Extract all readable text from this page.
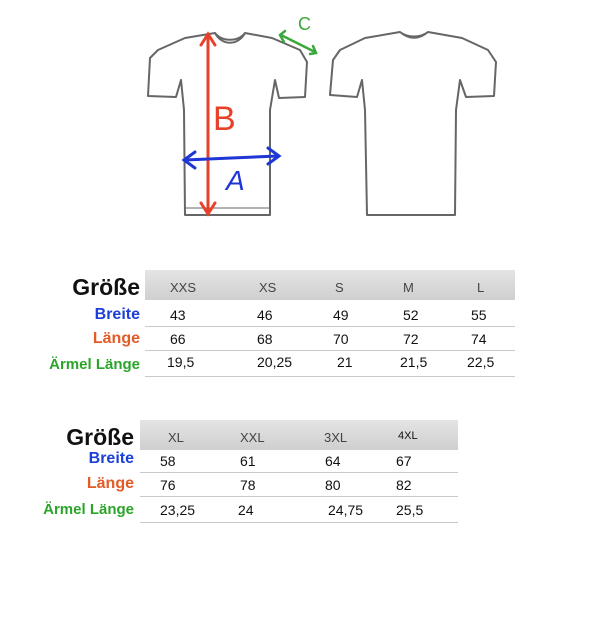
B
A
C
Größe
Breite
Länge
Ärmel Länge
XXS	XS	S	M	L
43	46	49	52	55
66	68	70	72	74
19,5	20,25	21	21,5	22,5
Größe
Breite
Länge
Ärmel Länge
XL	XXL	3XL	4XL
58	61	64	67
76	78	80	82
23,25	24	24,75 25,5
